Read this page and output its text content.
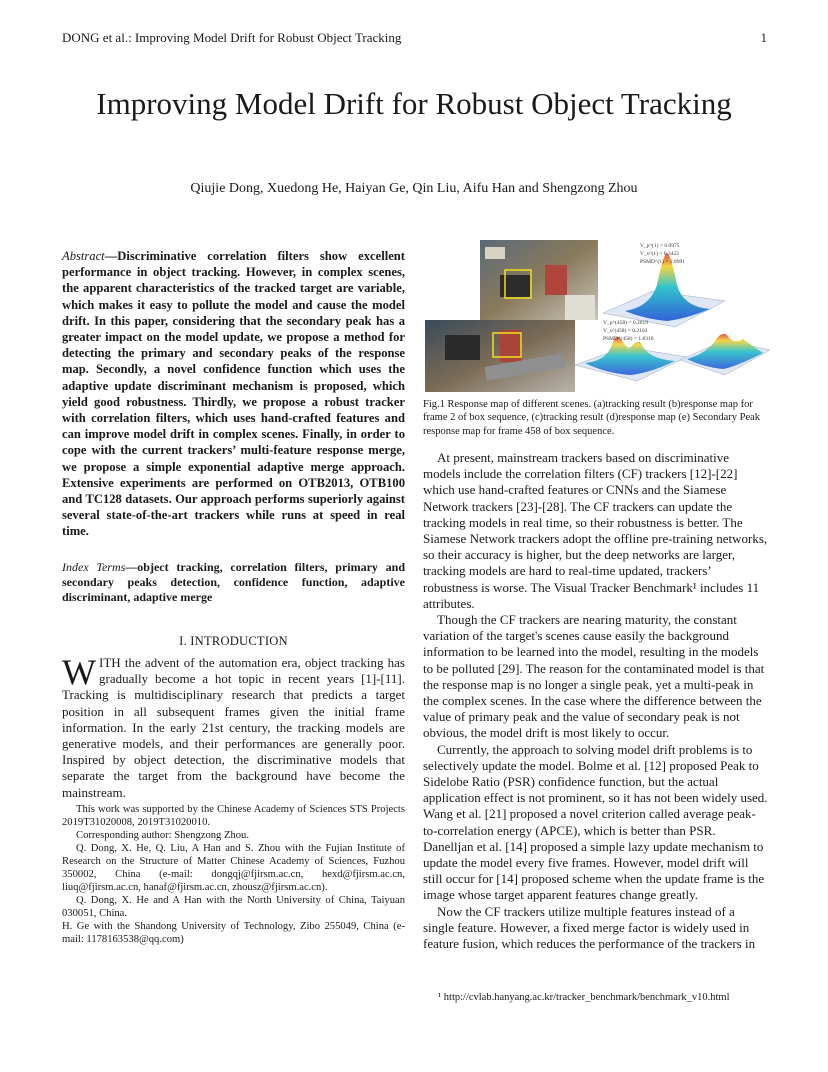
DONG et al.: Improving Model Drift for Robust Object Tracking	1
Improving Model Drift for Robust Object Tracking
Qiujie Dong, Xuedong He, Haiyan Ge, Qin Liu, Aifu Han and Shengzong Zhou
Abstract—Discriminative correlation filters show excellent performance in object tracking. However, in complex scenes, the apparent characteristics of the tracked target are variable, which makes it easy to pollute the model and cause the model drift. In this paper, considering that the secondary peak has a greater impact on the model update, we propose a method for detecting the primary and secondary peaks of the response map. Secondly, a novel confidence function which uses the adaptive update discriminant mechanism is proposed, which yield good robustness. Thirdly, we propose a robust tracker with correlation filters, which uses hand-crafted features and can improve model drift in complex scenes. Finally, in order to cope with the current trackers’ multi-feature response merge, we propose a simple exponential adaptive merge approach. Extensive experiments are performed on OTB2013, OTB100 and TC128 datasets. Our approach performs superiorly against several state-of-the-art trackers while runs at speed in real time.
Index Terms—object tracking, correlation filters, primary and secondary peaks detection, confidence function, adaptive discriminant, adaptive merge
I. INTRODUCTION
WITH the advent of the automation era, object tracking has gradually become a hot topic in recent years [1]-[11]. Tracking is multidisciplinary research that predicts a target position in all subsequent frames given the initial frame information. In the early 21st century, the tracking models are generative models, and their performances are generally poor. Inspired by object detection, the discriminative models that separate the target from the background have become the mainstream.

This work was supported by the Chinese Academy of Sciences STS Projects 2019T31020008, 2019T31020010.

Corresponding author: Shengzong Zhou.

Q. Dong, X. He, Q. Liu, A Han and S. Zhou with the Fujian Institute of Research on the Structure of Matter Chinese Academy of Sciences, Fuzhou 350002, China (e-mail: dongqj@fjirsm.ac.cn, hexd@fjirsm.ac.cn, liuq@fjirsm.ac.cn, hanaf@fjirsm.ac.cn, zhousz@fjirsm.ac.cn).

Q. Dong, X. He and A Han with the North University of China, Taiyuan 030051, China.

H. Ge with the Shandong University of Technology, Zibo 255049, China (e-mail: 1178163538@qq.com)

V_p^(1) = 0.0975
V_s^(1) = 0.3422
PSMD^(1) = 2.8991
V_p^(458) = 0.2619
V_s^(458) = 0.2103
PSMD^(458) = 1.8316
Fig.1 Response map of different scenes. (a)tracking result (b)response map for frame 2 of box sequence, (c)tracking result (d)response map (e) Secondary Peak response map for frame 458 of box sequence.

At present, mainstream trackers based on discriminative models include the correlation filters (CF) trackers [12]-[22] which use hand-crafted features or CNNs and the Siamese Network trackers [23]-[28]. The CF trackers can update the tracking models in real time, so their robustness is better. The Siamese Network trackers adopt the offline pre-training networks, so their accuracy is higher, but the deep networks are larger, tracking models are hard to real-time updated, trackers’ robustness is worse. The Visual Tracker Benchmark¹ includes 11 attributes.

Though the CF trackers are nearing maturity, the constant variation of the target's scenes cause easily the background information to be learned into the model, resulting in the models to be polluted [29]. The reason for the contaminated model is that the response map is no longer a single peak, yet a multi-peak in the complex scenes. In the case where the difference between the value of primary peak and the value of secondary peak is not obvious, the model drift is most likely to occur.

Currently, the approach to solving model drift problems is to selectively update the model. Bolme et al. [12] proposed Peak to Sidelobe Ratio (PSR) confidence function, but the actual application effect is not prominent, so it has not been widely used. Wang et al. [21] proposed a novel criterion called average peak-to-correlation energy (APCE), which is better than PSR. Danelljan et al. [14] proposed a simple lazy update mechanism to update the model every five frames. However, model drift will still occur for [14] proposed scheme when the update frame is the image whose target apparent features change greatly.

Now the CF trackers utilize multiple features instead of a single feature. However, a fixed merge factor is widely used in feature fusion, which reduces the performance of the trackers in

¹ http://cvlab.hanyang.ac.kr/tracker_benchmark/benchmark_v10.html
